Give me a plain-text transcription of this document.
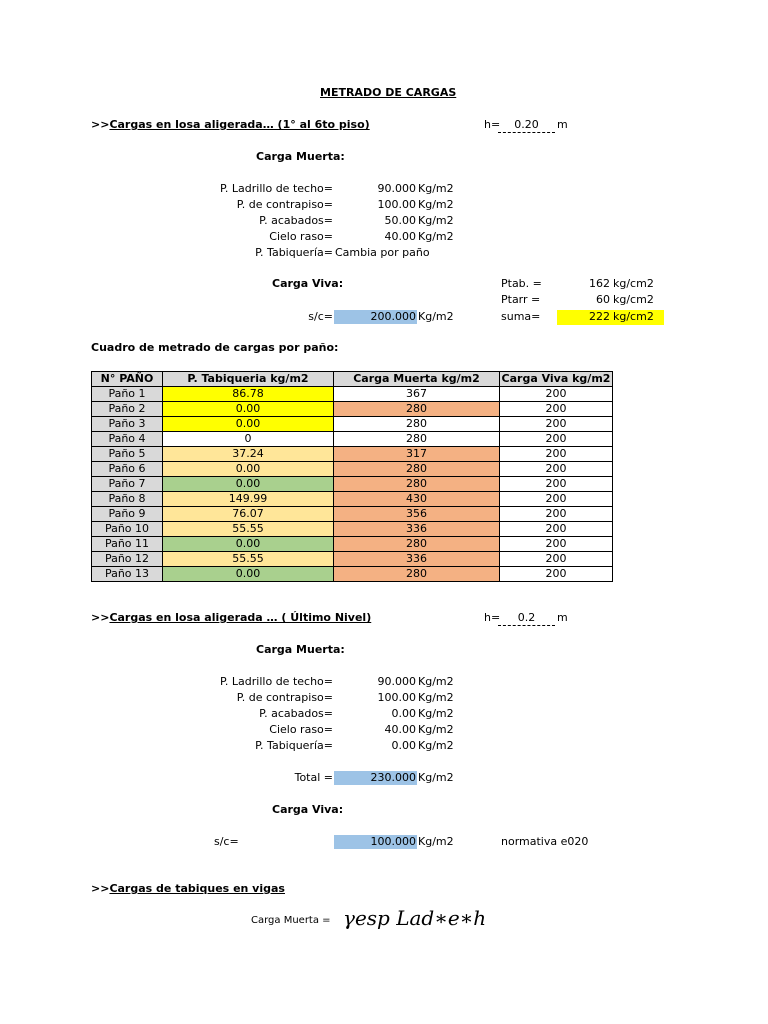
METRADO DE CARGAS
>>Cargas en losa aligerada… (1° al 6to piso)	h=	0.20	m
Carga Muerta:
P. Ladrillo de techo=	90.000 Kg/m2
P. de contrapiso=	100.00 Kg/m2
P. acabados=	50.00 Kg/m2
Cielo raso=	40.00 Kg/m2
P. Tabiquería= Cambia por paño
Carga Viva:	Ptab. =	162 kg/cm2
Ptarr =	60 kg/cm2
s/c=	200.000 Kg/m2	suma=	222 kg/cm2
Cuadro de metrado de cargas por paño:
N° PAÑO	P. Tabiqueria kg/m2	Carga Muerta kg/m2	Carga Viva kg/m2
Paño 1	86.78	367	200
Paño 2	0.00	280	200
Paño 3	0.00	280	200
Paño 4	0	280	200
Paño 5	37.24	317	200
Paño 6	0.00	280	200
Paño 7	0.00	280	200
Paño 8	149.99	430	200
Paño 9	76.07	356	200
Paño 10	55.55	336	200
Paño 11	0.00	280	200
Paño 12	55.55	336	200
Paño 13	0.00	280	200
>>Cargas en losa aligerada … ( Último Nivel)	h=	0.2	m
Carga Muerta:
P. Ladrillo de techo=	90.000 Kg/m2
P. de contrapiso=	100.00 Kg/m2
P. acabados=	0.00 Kg/m2
Cielo raso=	40.00 Kg/m2
P. Tabiquería=	0.00 Kg/m2
Total =	230.000 Kg/m2
Carga Viva:
s/c=	100.000 Kg/m2	normativa e020
>>Cargas de tabiques en vigas
Carga Muerta = γesp Lad∗e∗h
